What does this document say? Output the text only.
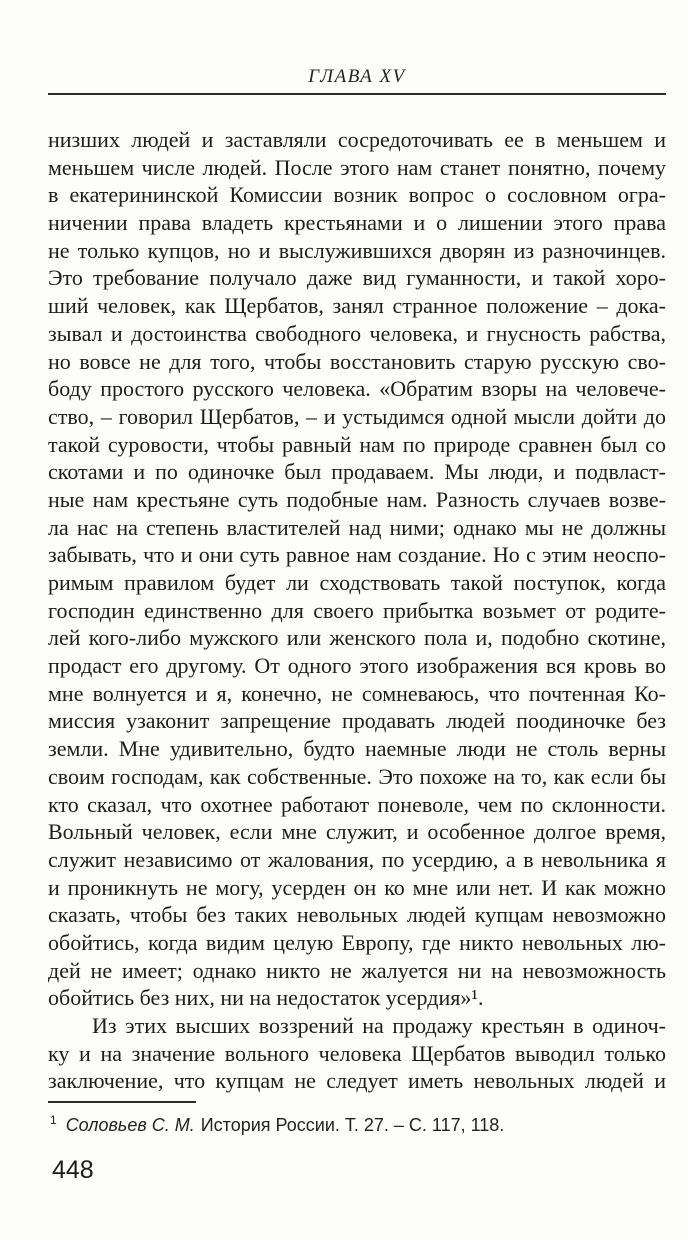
ГЛАВА XV
низших людей и заставляли сосредоточивать ее в меньшем и
меньшем числе людей. После этого нам станет понятно, почему
в екатерининской Комиссии возник вопрос о сословном огра-
ничении права владеть крестьянами и о лишении этого права
не только купцов, но и выслужившихся дворян из разночинцев.
Это требование получало даже вид гуманности, и такой хоро-
ший человек, как Щербатов, занял странное положение – дока-
зывал и достоинства свободного человека, и гнусность рабства,
но вовсе не для того, чтобы восстановить старую русскую сво-
боду простого русского человека. «Обратим взоры на человече-
ство, – говорил Щербатов, – и устыдимся одной мысли дойти до
такой суровости, чтобы равный нам по природе сравнен был со
скотами и по одиночке был продаваем. Мы люди, и подвласт-
ные нам крестьяне суть подобные нам. Разность случаев возве-
ла нас на степень властителей над ними; однако мы не должны
забывать, что и они суть равное нам создание. Но с этим неоспо-
римым правилом будет ли сходствовать такой поступок, когда
господин единственно для своего прибытка возьмет от родите-
лей кого-либо мужского или женского пола и, подобно скотине,
продаст его другому. От одного этого изображения вся кровь во
мне волнуется и я, конечно, не сомневаюсь, что почтенная Ко-
миссия узаконит запрещение продавать людей поодиночке без
земли. Мне удивительно, будто наемные люди не столь верны
своим господам, как собственные. Это похоже на то, как если бы
кто сказал, что охотнее работают поневоле, чем по склонности.
Вольный человек, если мне служит, и особенное долгое время,
служит независимо от жалования, по усердию, а в невольника я
и проникнуть не могу, усерден он ко мне или нет. И как можно
сказать, чтобы без таких невольных людей купцам невозможно
обойтись, когда видим целую Европу, где никто невольных лю-
дей не имеет; однако никто не жалуется ни на невозможность
обойтись без них, ни на недостаток усердия»¹.
Из этих высших воззрений на продажу крестьян в одиноч-
ку и на значение вольного человека Щербатов выводил только
заключение, что купцам не следует иметь невольных людей и
$^1$ Соловьев С. М. История России. Т. 27. – С. 117, 118.
448
